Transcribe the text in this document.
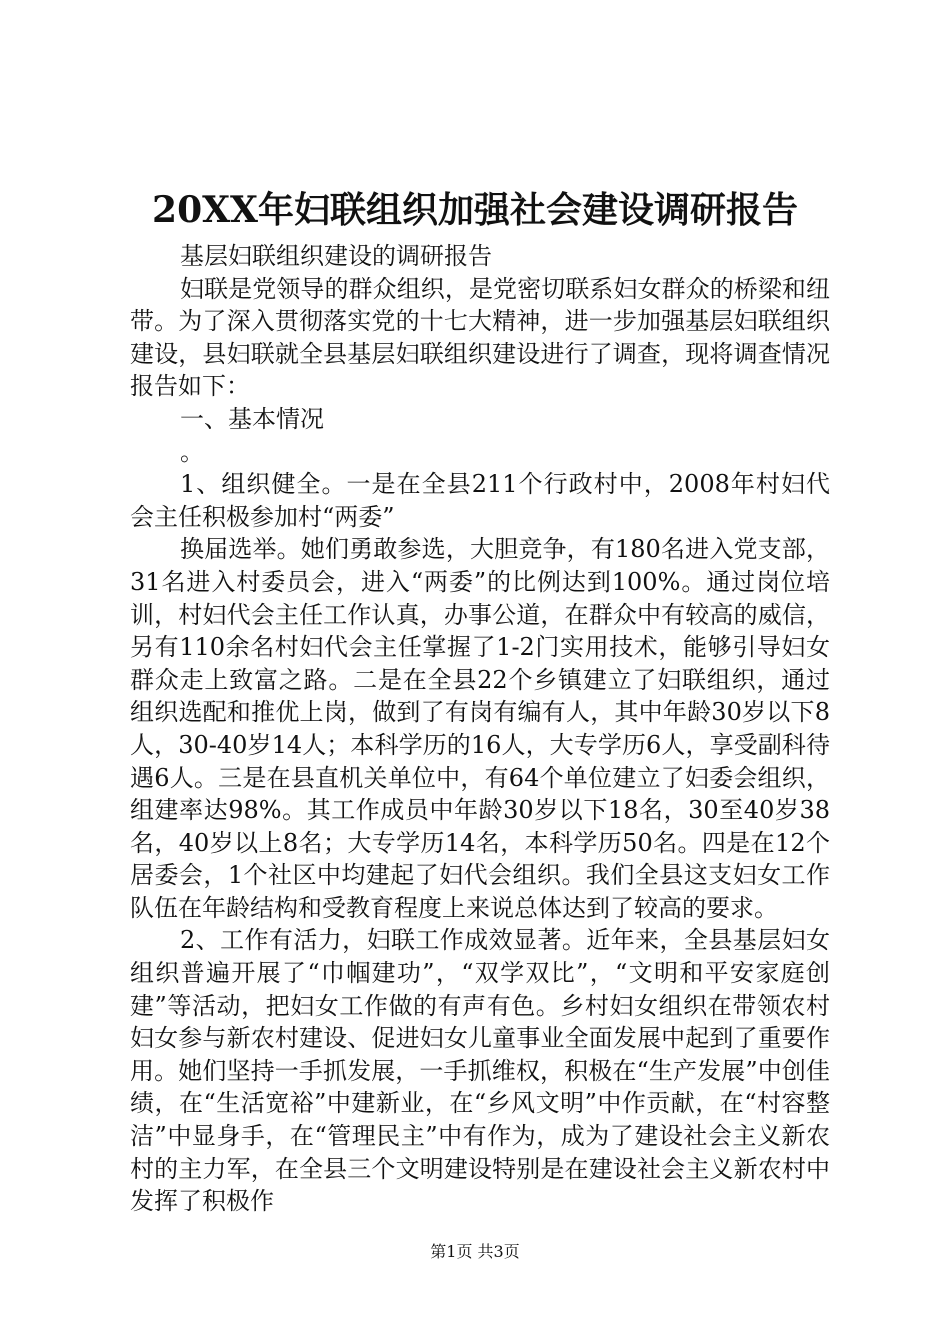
20XX年妇联组织加强社会建设调研报告

基层妇联组织建设的调研报告

妇联是党领导的群众组织，是党密切联系妇女群众的桥梁和纽带。为了深入贯彻落实党的十七大精神，进一步加强基层妇联组织建设，县妇联就全县基层妇联组织建设进行了调查，现将调查情况报告如下：

一、基本情况

。

1、组织健全。一是在全县211个行政村中，2008年村妇代会主任积极参加村“两委”

换届选举。她们勇敢参选，大胆竞争，有180名进入党支部，31名进入村委员会，进入“两委”的比例达到100%。通过岗位培训，村妇代会主任工作认真，办事公道，在群众中有较高的威信，另有110余名村妇代会主任掌握了1-2门实用技术，能够引导妇女群众走上致富之路。二是在全县22个乡镇建立了妇联组织，通过组织选配和推优上岗，做到了有岗有编有人，其中年龄30岁以下8人，30-40岁14人；本科学历的16人，大专学历6人，享受副科待遇6人。三是在县直机关单位中，有64个单位建立了妇委会组织，组建率达98%。其工作成员中年龄30岁以下18名，30至40岁38名，40岁以上8名；大专学历14名，本科学历50名。四是在12个居委会，1个社区中均建起了妇代会组织。我们全县这支妇女工作队伍在年龄结构和受教育程度上来说总体达到了较高的要求。

2、工作有活力，妇联工作成效显著。近年来，全县基层妇女组织普遍开展了“巾帼建功”，“双学双比”，“文明和平安家庭创建”等活动，把妇女工作做的有声有色。乡村妇女组织在带领农村妇女参与新农村建设、促进妇女儿童事业全面发展中起到了重要作用。她们坚持一手抓发展，一手抓维权，积极在“生产发展”中创佳绩，在“生活宽裕”中建新业，在“乡风文明”中作贡献，在“村容整洁”中显身手，在“管理民主”中有作为，成为了建设社会主义新农村的主力军，在全县三个文明建设特别是在建设社会主义新农村中发挥了积极作

第1页 共3页
